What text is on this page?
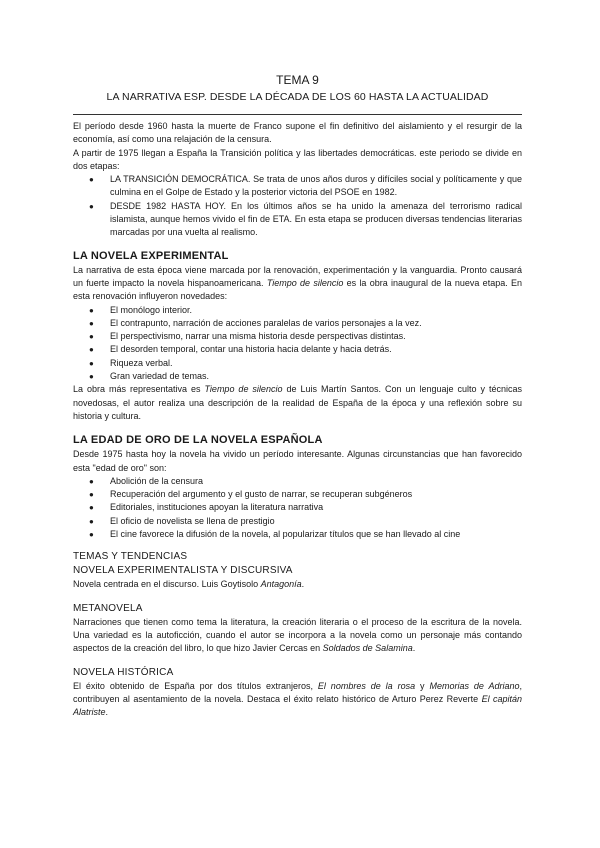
TEMA 9
LA NARRATIVA ESP. DESDE LA DÉCADA DE LOS 60 HASTA LA ACTUALIDAD

El período desde 1960 hasta la muerte de Franco supone el fin definitivo del aislamiento y el resurgir de la economía, así como una relajación de la censura.

A partir de 1975 llegan a España la Transición política y las libertades democráticas. este periodo se divide en dos etapas:

● LA TRANSICIÓN DEMOCRÁTICA. Se trata de unos años duros y difíciles social y políticamente y que culmina en el Golpe de Estado y la posterior victoria del PSOE en 1982.
● DESDE 1982 HASTA HOY. En los últimos años se ha unido la amenaza del terrorismo radical islamista, aunque hemos vivido el fin de ETA. En esta etapa se producen diversas tendencias literarias marcadas por una vuelta al realismo.
LA NOVELA EXPERIMENTAL

La narrativa de esta época viene marcada por la renovación, experimentación y la vanguardia. Pronto causará un fuerte impacto la novela hispanoamericana. Tiempo de silencio es la obra inaugural de la nueva etapa. En esta renovación influyeron novedades:

● El monólogo interior.
● El contrapunto, narración de acciones paralelas de varios personajes a la vez.
● El perspectivismo, narrar una misma historia desde perspectivas distintas.
● El desorden temporal, contar una historia hacia delante y hacia detrás.
● Riqueza verbal.
● Gran variedad de temas.

La obra más representativa es Tiempo de silencio de Luis Martín Santos. Con un lenguaje culto y técnicas novedosas, el autor realiza una descripción de la realidad de España de la época y una reflexión sobre su historia y cultura.

LA EDAD DE ORO DE LA NOVELA ESPAÑOLA

Desde 1975 hasta hoy la novela ha vivido un período interesante. Algunas circunstancias que han favorecido esta "edad de oro" son:

● Abolición de la censura
● Recuperación del argumento y el gusto de narrar, se recuperan subgéneros
● Editoriales, instituciones apoyan la literatura narrativa
● El oficio de novelista se llena de prestigio
● El cine favorece la difusión de la novela, al popularizar títulos que se han llevado al cine
TEMAS Y TENDENCIAS
NOVELA EXPERIMENTALISTA Y DISCURSIVA

Novela centrada en el discurso. Luis Goytisolo Antagonía.

METANOVELA

Narraciones que tienen como tema la literatura, la creación literaria o el proceso de la escritura de la novela. Una variedad es la autoficción, cuando el autor se incorpora a la novela como un personaje más contando aspectos de la creación del libro, lo que hizo Javier Cercas en Soldados de Salamina.

NOVELA HISTÓRICA

El éxito obtenido de España por dos títulos extranjeros, El nombres de la rosa y Memorias de Adriano, contribuyen al asentamiento de la novela. Destaca el éxito relato histórico de Arturo Perez Reverte El capitán Alatriste.
